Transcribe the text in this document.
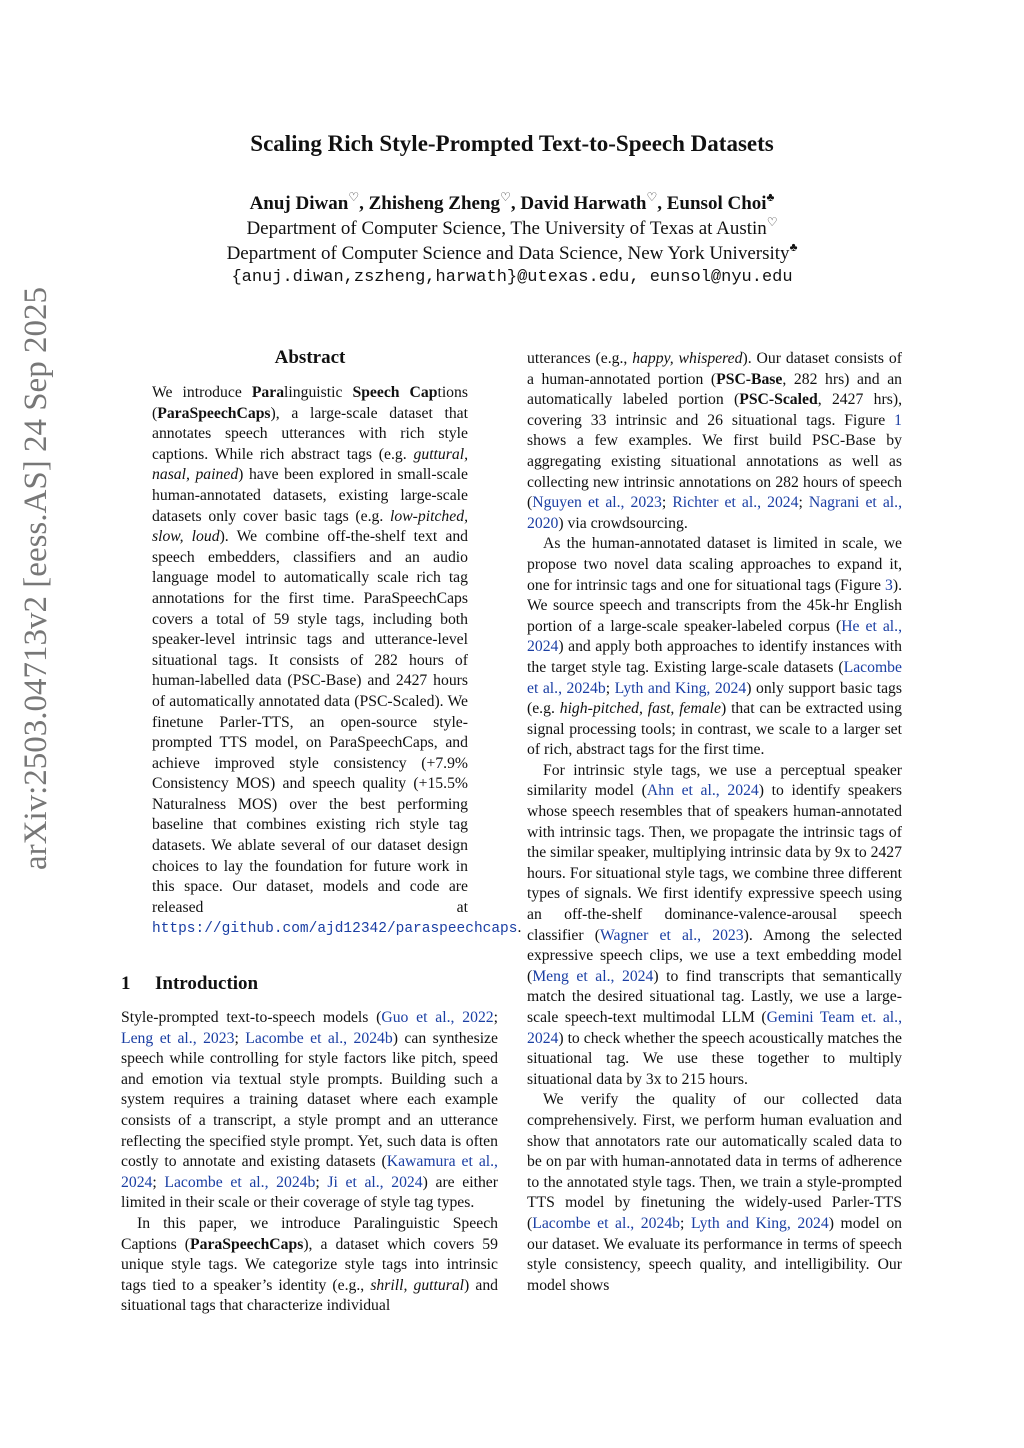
Scaling Rich Style-Prompted Text-to-Speech Datasets
Anuj Diwan♡, Zhisheng Zheng♡, David Harwath♡, Eunsol Choi♣
Department of Computer Science, The University of Texas at Austin♡
Department of Computer Science and Data Science, New York University♣
{anuj.diwan,zszheng,harwath}@utexas.edu, eunsol@nyu.edu
arXiv:2503.04713v2 [eess.AS] 24 Sep 2025	Abstract

We introduce Paralinguistic Speech Captions (ParaSpeechCaps), a large-scale dataset that annotates speech utterances with rich style captions. While rich abstract tags (e.g. guttural, nasal, pained) have been explored in small-scale human-annotated datasets, existing large-scale datasets only cover basic tags (e.g. low-pitched, slow, loud). We combine off-the-shelf text and speech embedders, classifiers and an audio language model to automatically scale rich tag annotations for the first time. ParaSpeechCaps covers a total of 59 style tags, including both speaker-level intrinsic tags and utterance-level situational tags. It consists of 282 hours of human-labelled data (PSC-Base) and 2427 hours of automatically annotated data (PSC-Scaled). We finetune Parler-TTS, an open-source style-prompted TTS model, on ParaSpeechCaps, and achieve improved style consistency (+7.9% Consistency MOS) and speech quality (+15.5% Naturalness MOS) over the best performing baseline that combines existing rich style tag datasets. We ablate several of our dataset design choices to lay the foundation for future work in this space. Our dataset, models and code are released at https://github.com/ajd12342/paraspeechcaps.

1 Introduction

Style-prompted text-to-speech models (Guo et al., 2022; Leng et al., 2023; Lacombe et al., 2024b) can synthesize speech while controlling for style factors like pitch, speed and emotion via textual style prompts. Building such a system requires a training dataset where each example consists of a transcript, a style prompt and an utterance reflecting the specified style prompt. Yet, such data is often costly to annotate and existing datasets (Kawamura et al., 2024; Lacombe et al., 2024b; Ji et al., 2024) are either limited in their scale or their coverage of style tag types.

In this paper, we introduce Paralinguistic Speech Captions (ParaSpeechCaps), a dataset which covers 59 unique style tags. We categorize style tags into intrinsic tags tied to a speaker’s identity (e.g., shrill, guttural) and situational tags that characterize individual

utterances (e.g., happy, whispered). Our dataset consists of a human-annotated portion (PSC-Base, 282 hrs) and an automatically labeled portion (PSC-Scaled, 2427 hrs), covering 33 intrinsic and 26 situational tags. Figure 1 shows a few examples. We first build PSC-Base by aggregating existing situational annotations as well as collecting new intrinsic annotations on 282 hours of speech (Nguyen et al., 2023; Richter et al., 2024; Nagrani et al., 2020) via crowdsourcing.

As the human-annotated dataset is limited in scale, we propose two novel data scaling approaches to expand it, one for intrinsic tags and one for situational tags (Figure 3). We source speech and transcripts from the 45k-hr English portion of a large-scale speaker-labeled corpus (He et al., 2024) and apply both approaches to identify instances with the target style tag. Existing large-scale datasets (Lacombe et al., 2024b; Lyth and King, 2024) only support basic tags (e.g. high-pitched, fast, female) that can be extracted using signal processing tools; in contrast, we scale to a larger set of rich, abstract tags for the first time.

For intrinsic style tags, we use a perceptual speaker similarity model (Ahn et al., 2024) to identify speakers whose speech resembles that of speakers human-annotated with intrinsic tags. Then, we propagate the intrinsic tags of the similar speaker, multiplying intrinsic data by 9x to 2427 hours. For situational style tags, we combine three different types of signals. We first identify expressive speech using an off-the-shelf dominance-valence-arousal speech classifier (Wagner et al., 2023). Among the selected expressive speech clips, we use a text embedding model (Meng et al., 2024) to find transcripts that semantically match the desired situational tag. Lastly, we use a large-scale speech-text multimodal LLM (Gemini Team et. al., 2024) to check whether the speech acoustically matches the situational tag. We use these together to multiply situational data by 3x to 215 hours.

We verify the quality of our collected data comprehensively. First, we perform human evaluation and show that annotators rate our automatically scaled data to be on par with human-annotated data in terms of adherence to the annotated style tags. Then, we train a style-prompted TTS model by finetuning the widely-used Parler-TTS (Lacombe et al., 2024b; Lyth and King, 2024) model on our dataset. We evaluate its performance in terms of speech style consistency, speech quality, and intelligibility. Our model shows
